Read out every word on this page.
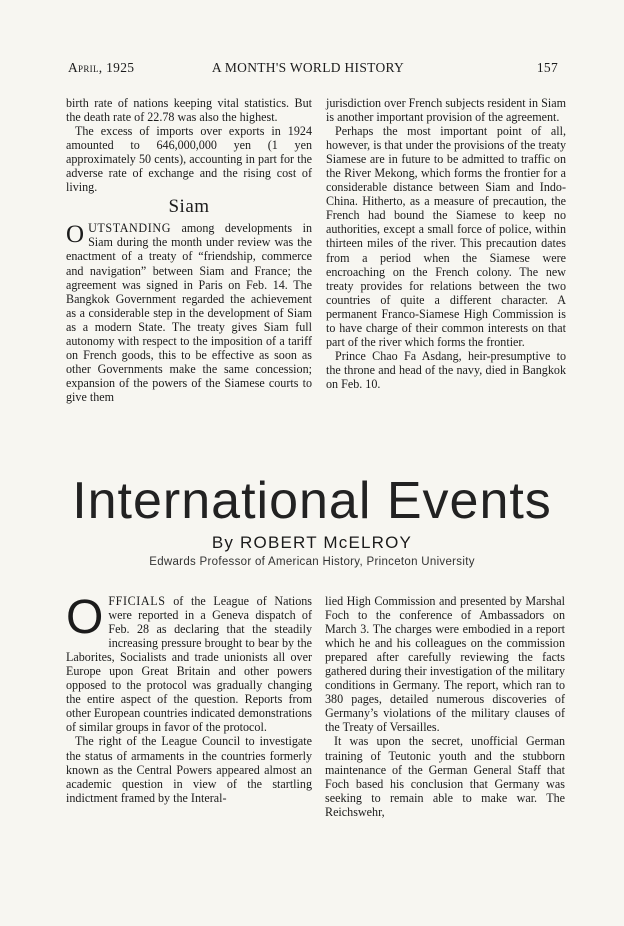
April, 1925	A MONTH'S WORLD HISTORY	157

birth rate of nations keeping vital statistics. But the death rate of 22.78 was also the highest.

The excess of imports over exports in 1924 amounted to 646,000,000 yen (1 yen approximately 50 cents), accounting in part for the adverse rate of exchange and the rising cost of living.

Siam

OUTSTANDING among developments in Siam during the month under review was the enactment of a treaty of “friendship, commerce and navigation” between Siam and France; the agreement was signed in Paris on Feb. 14. The Bangkok Government regarded the achievement as a considerable step in the development of Siam as a modern State. The treaty gives Siam full autonomy with respect to the imposition of a tariff on French goods, this to be effective as soon as other Governments make the same concession; expansion of the powers of the Siamese courts to give them

jurisdiction over French subjects resident in Siam is another important provision of the agreement.

Perhaps the most important point of all, however, is that under the provisions of the treaty Siamese are in future to be admitted to traffic on the River Mekong, which forms the frontier for a considerable distance between Siam and Indo-China. Hitherto, as a measure of precaution, the French had bound the Siamese to keep no authorities, except a small force of police, within thirteen miles of the river. This precaution dates from a period when the Siamese were encroaching on the French colony. The new treaty provides for relations between the two countries of quite a different character. A permanent Franco-Siamese High Commission is to have charge of their common interests on that part of the river which forms the frontier.

Prince Chao Fa Asdang, heir-presumptive to the throne and head of the navy, died in Bangkok on Feb. 10.

International Events
By ROBERT McELROY
Edwards Professor of American History, Princeton University

OFFICIALS of the League of Nations were reported in a Geneva dispatch of Feb. 28 as declaring that the steadily increasing pressure brought to bear by the Laborites, Socialists and trade unionists all over Europe upon Great Britain and other powers opposed to the protocol was gradually changing the entire aspect of the question. Reports from other European countries indicated demonstrations of similar groups in favor of the protocol.

The right of the League Council to investigate the status of armaments in the countries formerly known as the Central Powers appeared almost an academic question in view of the startling indictment framed by the Interal-

lied High Commission and presented by Marshal Foch to the conference of Ambassadors on March 3. The charges were embodied in a report which he and his colleagues on the commission prepared after carefully reviewing the facts gathered during their investigation of the military conditions in Germany. The report, which ran to 380 pages, detailed numerous discoveries of Germany’s violations of the military clauses of the Treaty of Versailles.

It was upon the secret, unofficial German training of Teutonic youth and the stubborn maintenance of the German General Staff that Foch based his conclusion that Germany was seeking to remain able to make war. The Reichswehr,
